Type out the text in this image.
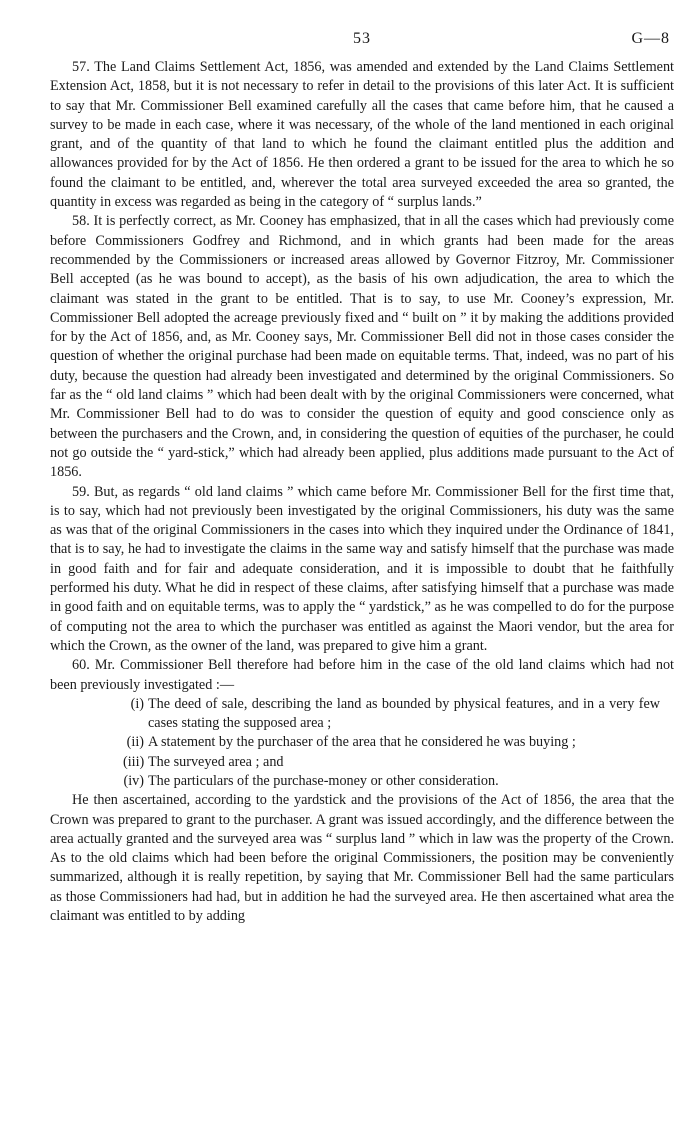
53	G—8

57. The Land Claims Settlement Act, 1856, was amended and extended by the Land Claims Settlement Extension Act, 1858, but it is not necessary to refer in detail to the provisions of this later Act. It is sufficient to say that Mr. Commissioner Bell examined carefully all the cases that came before him, that he caused a survey to be made in each case, where it was necessary, of the whole of the land mentioned in each original grant, and of the quantity of that land to which he found the claimant entitled plus the addition and allowances provided for by the Act of 1856. He then ordered a grant to be issued for the area to which he so found the claimant to be entitled, and, wherever the total area surveyed exceeded the area so granted, the quantity in excess was regarded as being in the category of “ surplus lands.”

58. It is perfectly correct, as Mr. Cooney has emphasized, that in all the cases which had previously come before Commissioners Godfrey and Richmond, and in which grants had been made for the areas recommended by the Commissioners or increased areas allowed by Governor Fitzroy, Mr. Commissioner Bell accepted (as he was bound to accept), as the basis of his own adjudication, the area to which the claimant was stated in the grant to be entitled. That is to say, to use Mr. Cooney’s expression, Mr. Commissioner Bell adopted the acreage previously fixed and “ built on ” it by making the additions provided for by the Act of 1856, and, as Mr. Cooney says, Mr. Commissioner Bell did not in those cases consider the question of whether the original purchase had been made on equitable terms. That, indeed, was no part of his duty, because the question had already been investigated and determined by the original Commissioners. So far as the “ old land claims ” which had been dealt with by the original Commissioners were concerned, what Mr. Commissioner Bell had to do was to consider the question of equity and good conscience only as between the purchasers and the Crown, and, in considering the question of equities of the purchaser, he could not go outside the “ yard-stick,” which had already been applied, plus additions made pursuant to the Act of 1856.

59. But, as regards “ old land claims ” which came before Mr. Commissioner Bell for the first time that, is to say, which had not previously been investigated by the original Commissioners, his duty was the same as was that of the original Commissioners in the cases into which they inquired under the Ordinance of 1841, that is to say, he had to investigate the claims in the same way and satisfy himself that the purchase was made in good faith and for fair and adequate consideration, and it is impossible to doubt that he faithfully performed his duty. What he did in respect of these claims, after satisfying himself that a purchase was made in good faith and on equitable terms, was to apply the “ yardstick,” as he was compelled to do for the purpose of computing not the area to which the purchaser was entitled as against the Maori vendor, but the area for which the Crown, as the owner of the land, was prepared to give him a grant.

60. Mr. Commissioner Bell therefore had before him in the case of the old land claims which had not been previously investigated :—

(i) The deed of sale, describing the land as bounded by physical features, and in a very few cases stating the supposed area ;
(ii) A statement by the purchaser of the area that he considered he was buying ;
(iii) The surveyed area ; and
(iv) The particulars of the purchase-money or other consideration.

He then ascertained, according to the yardstick and the provisions of the Act of 1856, the area that the Crown was prepared to grant to the purchaser. A grant was issued accordingly, and the difference between the area actually granted and the surveyed area was “ surplus land ” which in law was the property of the Crown. As to the old claims which had been before the original Commissioners, the position may be conveniently summarized, although it is really repetition, by saying that Mr. Commissioner Bell had the same particulars as those Commissioners had had, but in addition he had the surveyed area. He then ascertained what area the claimant was entitled to by adding
